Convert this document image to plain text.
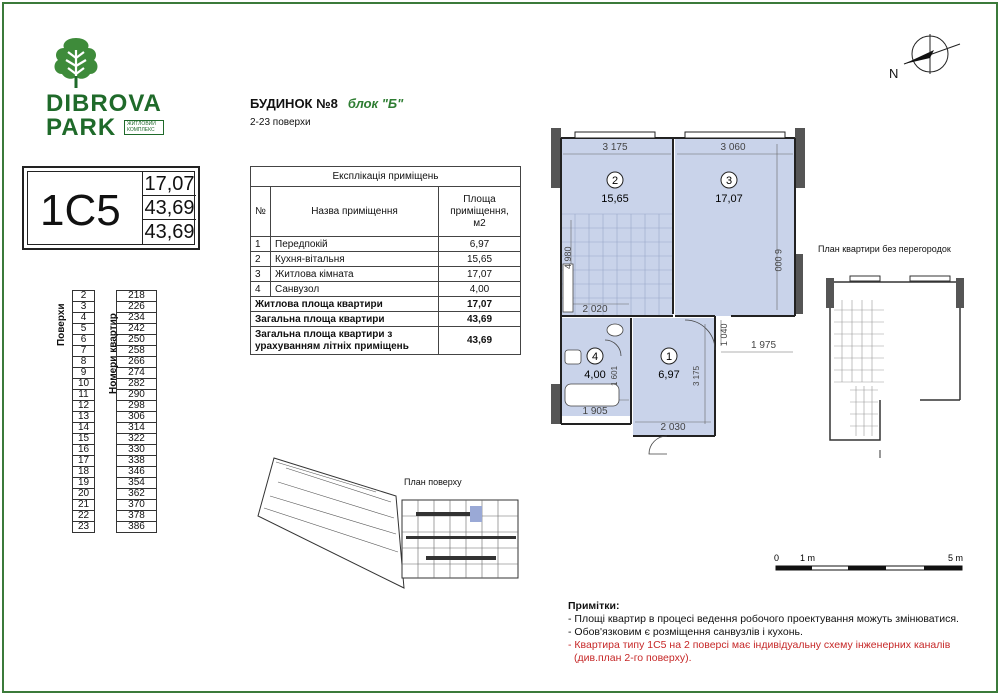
DIBROVA
PARK	ЖИТЛОВИЙ КОМПЛЕКС
1С5
17,07
43,69
43,69
Поверхи	Номери квартир
2		218
3		226
4		234
5		242
6		250
7		258
8		266
9		274
10		282
11		290
12		298
13		306
14		314
15		322
16		330
17		338
18		346
19		354
20		362
21		370
22		378
23		386
БУДИНОК №8 блок "Б"
2-23 поверхи
Експлікація приміщень		
№	Назва приміщення	Площа приміщення, м2
1	Передпокій	6,97
2	Кухня-вітальня	15,65
3	Житлова кімната	17,07
4	Санвузол	4,00
Житлова площа квартири		17,07
Загальна площа квартири		43,69
Загальна площа квартири з урахуванням літніх приміщень		43,69
3 175	3 060
6 000
4 980
2 020
1 040 1 975
1 905
2 030
1 601	3 175
2
15,65
3
17,07
4
4,00
1
6,97
N
План квартири без перегородок
План поверху
0 1 m	5 m
Примітки:
- Площі квартир в процесі ведення робочого проектування можуть змінюватися.
- Обов'язковим є розміщення санвузлів і кухонь.
- Квартира типу 1С5 на 2 поверсі має індивідуальну схему інженерних каналів
(див.план 2-го поверху).
